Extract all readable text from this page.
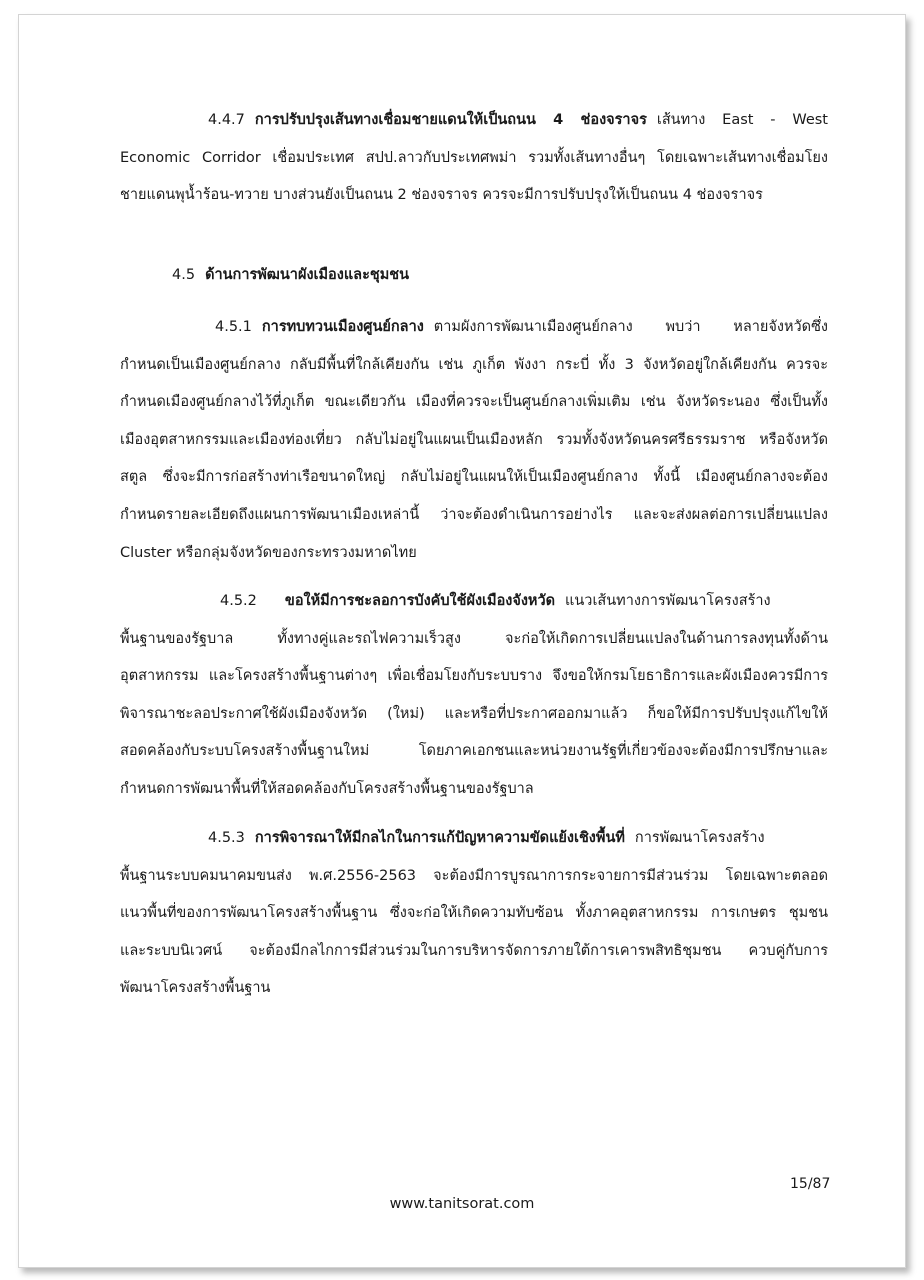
4.4.7 การปรับปรุงเส้นทางเชื่อมชายแดนให้เป็นถนน 4 ช่องจราจร เส้นทาง East - West
Economic Corridor เชื่อมประเทศ สปป.ลาวกับประเทศพม่า รวมทั้งเส้นทางอื่นๆ โดยเฉพาะเส้นทางเชื่อมโยง
ชายแดนพุน้ำร้อน-ทวาย บางส่วนยังเป็นถนน 2 ช่องจราจร ควรจะมีการปรับปรุงให้เป็นถนน 4 ช่องจราจร
4.5 ด้านการพัฒนาผังเมืองและชุมชน
4.5.1 การทบทวนเมืองศูนย์กลาง ตามผังการพัฒนาเมืองศูนย์กลาง พบว่า หลายจังหวัดซึ่ง
กำหนดเป็นเมืองศูนย์กลาง กลับมีพื้นที่ใกล้เคียงกัน เช่น ภูเก็ต พังงา กระบี่ ทั้ง 3 จังหวัดอยู่ใกล้เคียงกัน ควรจะ
กำหนดเมืองศูนย์กลางไว้ที่ภูเก็ต ขณะเดียวกัน เมืองที่ควรจะเป็นศูนย์กลางเพิ่มเติม เช่น จังหวัดระนอง ซึ่งเป็นทั้ง
เมืองอุตสาหกรรมและเมืองท่องเที่ยว กลับไม่อยู่ในแผนเป็นเมืองหลัก รวมทั้งจังหวัดนครศรีธรรมราช หรือจังหวัด
สตูล ซึ่งจะมีการก่อสร้างท่าเรือขนาดใหญ่ กลับไม่อยู่ในแผนให้เป็นเมืองศูนย์กลาง ทั้งนี้ เมืองศูนย์กลางจะต้อง
กำหนดรายละเอียดถึงแผนการพัฒนาเมืองเหล่านี้ ว่าจะต้องดำเนินการอย่างไร และจะส่งผลต่อการเปลี่ยนแปลง
Cluster หรือกลุ่มจังหวัดของกระทรวงมหาดไทย
4.5.2 ขอให้มีการชะลอการบังคับใช้ผังเมืองจังหวัด แนวเส้นทางการพัฒนาโครงสร้าง
พื้นฐานของรัฐบาล ทั้งทางคู่และรถไฟความเร็วสูง จะก่อให้เกิดการเปลี่ยนแปลงในด้านการลงทุนทั้งด้าน
อุตสาหกรรม และโครงสร้างพื้นฐานต่างๆ เพื่อเชื่อมโยงกับระบบราง จึงขอให้กรมโยธาธิการและผังเมืองควรมีการ
พิจารณาชะลอประกาศใช้ผังเมืองจังหวัด (ใหม่) และหรือที่ประกาศออกมาแล้ว ก็ขอให้มีการปรับปรุงแก้ไขให้
สอดคล้องกับระบบโครงสร้างพื้นฐานใหม่ โดยภาคเอกชนและหน่วยงานรัฐที่เกี่ยวข้องจะต้องมีการปรึกษาและ
กำหนดการพัฒนาพื้นที่ให้สอดคล้องกับโครงสร้างพื้นฐานของรัฐบาล
4.5.3 การพิจารณาให้มีกลไกในการแก้ปัญหาความขัดแย้งเชิงพื้นที่ การพัฒนาโครงสร้าง
พื้นฐานระบบคมนาคมขนส่ง พ.ศ.2556-2563 จะต้องมีการบูรณาการกระจายการมีส่วนร่วม โดยเฉพาะตลอด
แนวพื้นที่ของการพัฒนาโครงสร้างพื้นฐาน ซึ่งจะก่อให้เกิดความทับซ้อน ทั้งภาคอุตสาหกรรม การเกษตร ชุมชน
และระบบนิเวศน์ จะต้องมีกลไกการมีส่วนร่วมในการบริหารจัดการภายใต้การเคารพสิทธิชุมชน ควบคู่กับการ
พัฒนาโครงสร้างพื้นฐาน
15/87
www.tanitsorat.com
